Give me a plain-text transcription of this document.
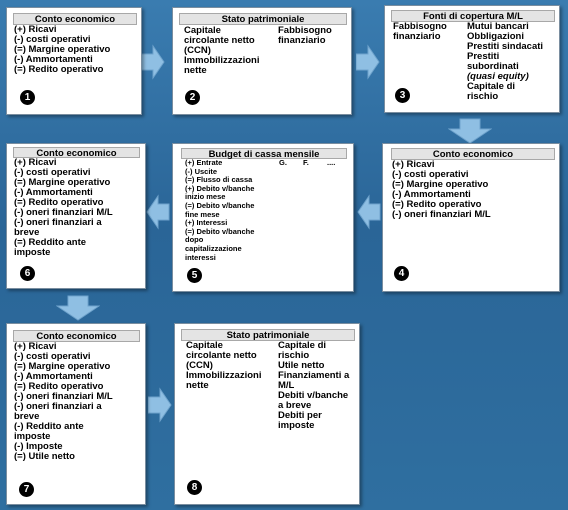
Conto economico
(+) Ricavi
(-) costi operativi
(=) Margine operativo
(-) Ammortamenti
(=) Redito operativo
1
Stato patrimoniale
Capitale
circolante netto
(CCN)
Immobilizzazioni
nette
Fabbisogno
finanziario
2
Fonti di copertura M/L
Fabbisogno
finanziario
Mutui bancari
Obbligazioni
Prestiti sindacati
Prestiti
subordinati
(quasi equity)
Capitale di
rischio
3
Conto economico
(+) Ricavi
(-) costi operativi
(=) Margine operativo
(-) Ammortamenti
(=) Redito operativo
(-) oneri finanziari M/L
4
Budget di cassa mensile
(+) Entrate	G. F. ....
(-) Uscite
(=) Flusso di cassa
(+) Debito v/banche
inizio mese
(=) Debito v/banche
fine mese
(+) Interessi
(=) Debito v/banche
dopo
capitalizzazione
interessi
5
Conto economico
(+) Ricavi
(-) costi operativi
(=) Margine operativo
(-) Ammortamenti
(=) Redito operativo
(-) oneri finanziari M/L
(-) oneri finanziari a
breve
(=) Reddito ante
imposte
6
Conto economico
(+) Ricavi
(-) costi operativi
(=) Margine operativo
(-) Ammortamenti
(=) Redito operativo
(-) oneri finanziari M/L
(-) oneri finanziari a
breve
(-) Reddito ante
imposte
(-) Imposte
(=) Utile netto
7
Stato patrimoniale
Capitale
circolante netto
(CCN)
Immobilizzazioni
nette
Capitale di
rischio
Utile netto
Finanziamenti a
M/L
Debiti v/banche
a breve
Debiti per
imposte
8
